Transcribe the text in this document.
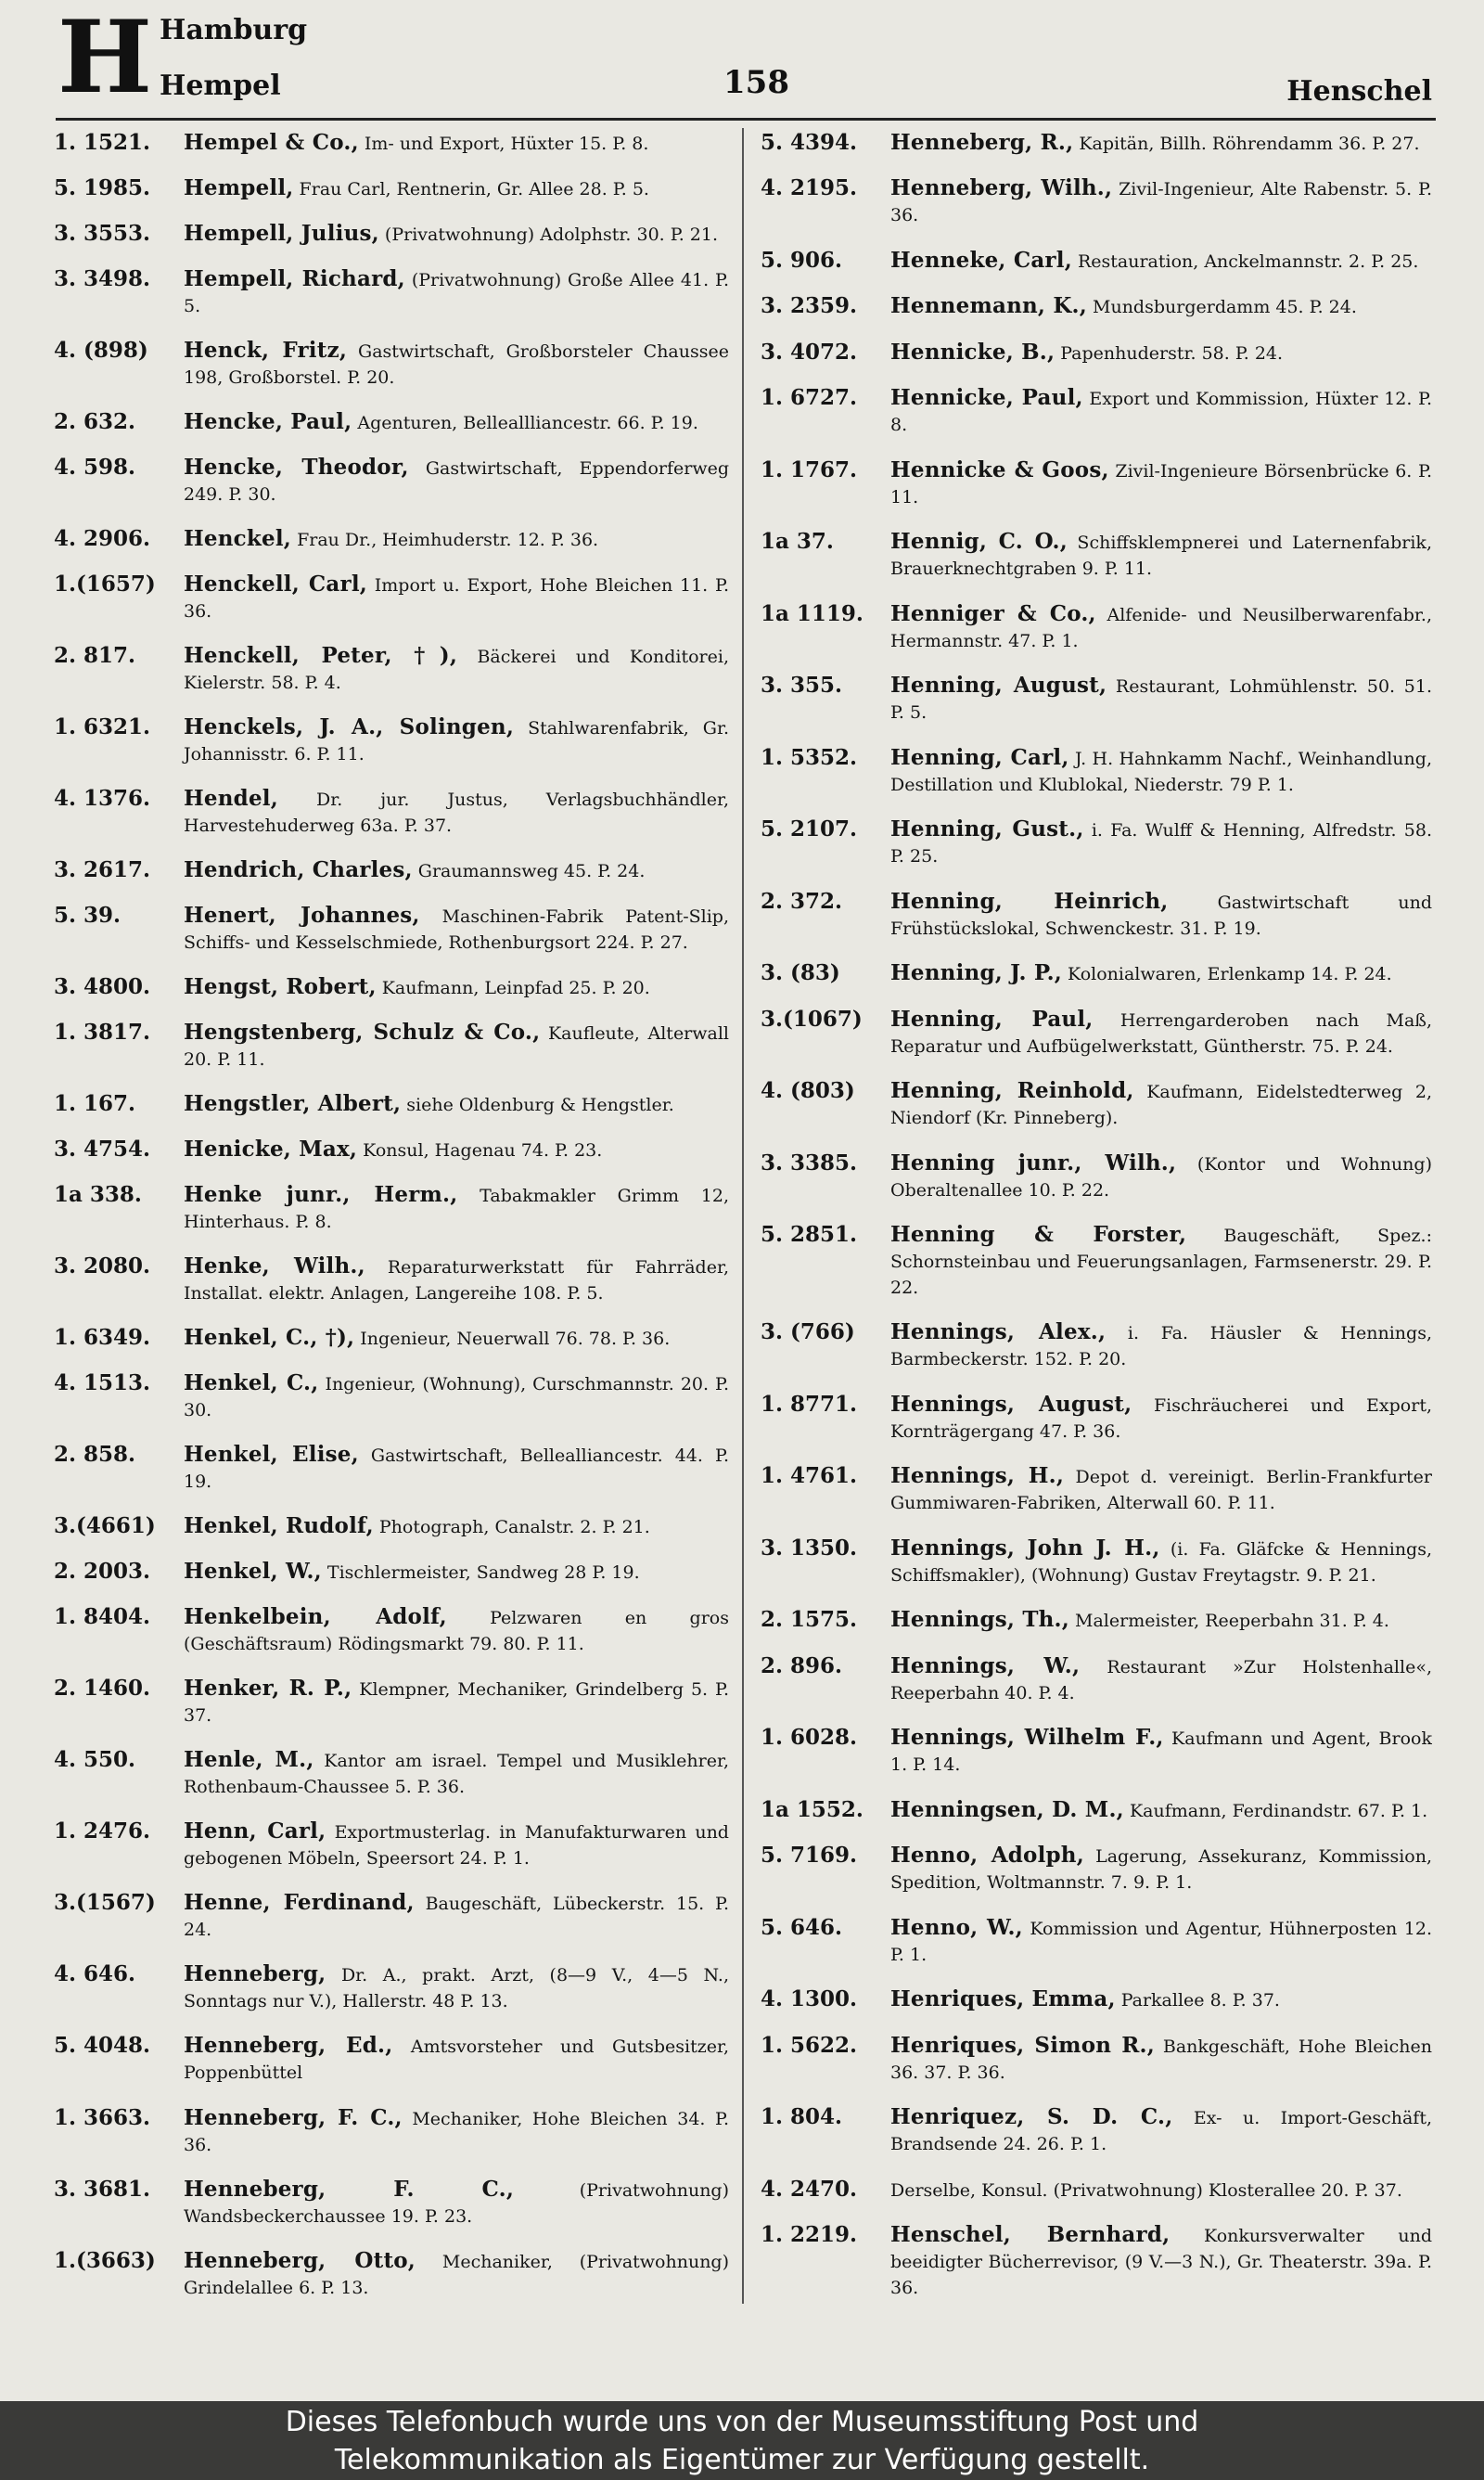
H Hamburg
Hempel	158	Henschel
1. 1521.	Hempel & Co., Im- und Export, Hüxter 15. P. 8.
5. 1985.	Hempell, Frau Carl, Rentnerin, Gr. Allee 28. P. 5.
3. 3553.	Hempell, Julius, (Privatwohnung) Adolphstr. 30. P. 21.
3. 3498.	Hempell, Richard, (Privatwohnung) Große Allee 41. P. 5.
4. (898)	Henck, Fritz, Gastwirtschaft, Großborsteler Chaussee 198, Großborstel. P. 20.
2. 632.	Hencke, Paul, Agenturen, Belleallliancestr. 66. P. 19.
4. 598.	Hencke, Theodor, Gastwirtschaft, Eppendorferweg 249. P. 30.
4. 2906.	Henckel, Frau Dr., Heimhuderstr. 12. P. 36.
1.(1657)	Henckell, Carl, Import u. Export, Hohe Bleichen 11. P. 36.
2. 817.	Henckell, Peter, †), Bäckerei und Konditorei, Kielerstr. 58. P. 4.
1. 6321.	Henckels, J. A., Solingen, Stahlwarenfabrik, Gr. Johannisstr. 6. P. 11.
4. 1376.	Hendel, Dr. jur. Justus, Verlagsbuchhändler, Harvestehuderweg 63a. P. 37.
3. 2617.	Hendrich, Charles, Graumannsweg 45. P. 24.
5. 39.	Henert, Johannes, Maschinen-Fabrik Patent-Slip, Schiffs- und Kesselschmiede, Rothenburgsort 224. P. 27.
3. 4800.	Hengst, Robert, Kaufmann, Leinpfad 25. P. 20.
1. 3817.	Hengstenberg, Schulz & Co., Kaufleute, Alterwall 20. P. 11.
1. 167.	Hengstler, Albert, siehe Oldenburg & Hengstler.
3. 4754.	Henicke, Max, Konsul, Hagenau 74. P. 23.
1a 338.	Henke junr., Herm., Tabakmakler Grimm 12, Hinterhaus. P. 8.
3. 2080.	Henke, Wilh., Reparaturwerkstatt für Fahrräder, Installat. elektr. Anlagen, Langereihe 108. P. 5.
1. 6349.	Henkel, C., †), Ingenieur, Neuerwall 76. 78. P. 36.
4. 1513.	Henkel, C., Ingenieur, (Wohnung), Curschmannstr. 20. P. 30.
2. 858.	Henkel, Elise, Gastwirtschaft, Bellealliancestr. 44. P. 19.
3.(4661)	Henkel, Rudolf, Photograph, Canalstr. 2. P. 21.
2. 2003.	Henkel, W., Tischlermeister, Sandweg 28 P. 19.
1. 8404.	Henkelbein, Adolf, Pelzwaren en gros (Geschäftsraum) Rödingsmarkt 79. 80. P. 11.
2. 1460.	Henker, R. P., Klempner, Mechaniker, Grindelberg 5. P. 37.
4. 550.	Henle, M., Kantor am israel. Tempel und Musiklehrer, Rothenbaum-Chaussee 5. P. 36.
1. 2476.	Henn, Carl, Exportmusterlag. in Manufakturwaren und gebogenen Möbeln, Speersort 24. P. 1.
3.(1567)	Henne, Ferdinand, Baugeschäft, Lübeckerstr. 15. P. 24.
4. 646.	Henneberg, Dr. A., prakt. Arzt, (8—9 V., 4—5 N., Sonntags nur V.), Hallerstr. 48 P. 13.
5. 4048.	Henneberg, Ed., Amtsvorsteher und Gutsbesitzer, Poppenbüttel
1. 3663.	Henneberg, F. C., Mechaniker, Hohe Bleichen 34. P. 36.
3. 3681.	Henneberg, F. C.,	(Privatwohnung) Wandsbeckerchaussee 19. P. 23.
1.(3663)	Henneberg, Otto, Mechaniker, (Privatwohnung) Grindelallee 6. P. 13.
5. 4394.	Henneberg, R., Kapitän, Billh. Röhrendamm 36. P. 27.
4. 2195.	Henneberg, Wilh., Zivil-Ingenieur, Alte Rabenstr. 5. P. 36.
5. 906.	Henneke, Carl, Restauration, Anckelmannstr. 2. P. 25.
3. 2359.	Hennemann, K., Mundsburgerdamm 45. P. 24.
3. 4072.	Hennicke, B., Papenhuderstr. 58. P. 24.
1. 6727.	Hennicke, Paul, Export und Kommission, Hüxter 12. P. 8.
1. 1767.	Hennicke & Goos, Zivil-Ingenieure Börsenbrücke 6. P. 11.
1a 37.	Hennig, C. O., Schiffsklempnerei und Laternenfabrik, Brauerknechtgraben 9. P. 11.
1a 1119.	Henniger & Co., Alfenide- und Neusilberwarenfabr., Hermannstr. 47. P. 1.
3. 355.	Henning, August, Restaurant, Lohmühlenstr. 50. 51. P. 5.
1. 5352.	Henning, Carl, J. H. Hahnkamm Nachf., Weinhandlung, Destillation und Klublokal, Niederstr. 79 P. 1.
5. 2107.	Henning, Gust., i. Fa. Wulff & Henning, Alfredstr. 58. P. 25.
2. 372.	Henning, Heinrich,	Gastwirtschaft und Frühstückslokal, Schwenckestr. 31. P. 19.
3. (83)	Henning, J. P., Kolonialwaren, Erlenkamp 14. P. 24.
3.(1067)	Henning, Paul, Herrengarderoben nach Maß, Reparatur und Aufbügelwerkstatt, Güntherstr. 75. P. 24.
4. (803)	Henning, Reinhold, Kaufmann, Eidelstedterweg 2, Niendorf (Kr. Pinneberg).
3. 3385.	Henning junr., Wilh., (Kontor und Wohnung) Oberaltenallee 10. P. 22.
5. 2851.	Henning & Forster, Baugeschäft, Spez.: Schornsteinbau und Feuerungsanlagen, Farmsenerstr. 29. P. 22.
3. (766)	Hennings, Alex., i. Fa. Häusler & Hennings, Barmbeckerstr. 152. P. 20.
1. 8771.	Hennings, August, Fischräucherei und Export, Kornträgergang 47. P. 36.
1. 4761.	Hennings, H., Depot d. vereinigt. Berlin-Frankfurter Gummiwaren-Fabriken, Alterwall 60. P. 11.
3. 1350.	Hennings, John J. H., (i. Fa. Gläfcke & Hennings, Schiffsmakler), (Wohnung) Gustav Freytagstr. 9. P. 21.
2. 1575.	Hennings, Th., Malermeister, Reeperbahn 31. P. 4.
2. 896.	Hennings, W., Restaurant »Zur Holstenhalle«, Reeperbahn 40. P. 4.
1. 6028.	Hennings, Wilhelm F., Kaufmann und Agent, Brook 1. P. 14.
1a 1552.	Henningsen, D. M., Kaufmann, Ferdinandstr. 67. P. 1.
5. 7169.	Henno, Adolph, Lagerung, Assekuranz, Kommission, Spedition, Woltmannstr. 7. 9. P. 1.
5. 646.	Henno, W., Kommission und Agentur, Hühnerposten 12. P. 1.
4. 1300.	Henriques, Emma, Parkallee 8. P. 37.
1. 5622.	Henriques, Simon R., Bankgeschäft, Hohe Bleichen 36. 37. P. 36.
1. 804.	Henriquez, S. D. C., Ex- u. Import-Geschäft, Brandsende 24. 26. P. 1.
4. 2470.	Derselbe, Konsul. (Privatwohnung) Klosterallee 20. P. 37.
1. 2219.	Henschel, Bernhard, Konkursverwalter und beeidigter Bücherrevisor, (9 V.—3 N.), Gr. Theaterstr. 39a. P. 36.
Dieses Telefonbuch wurde uns von der Museumsstiftung Post und
Telekommunikation als Eigentümer zur Verfügung gestellt.
